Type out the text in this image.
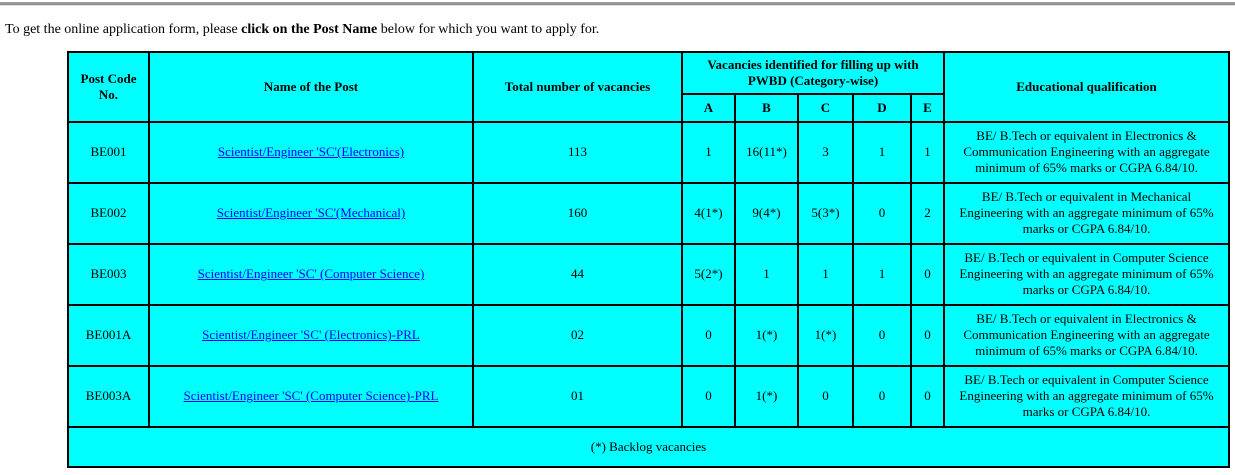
To get the online application form, please click on the Post Name below for which you want to apply for.

Post Code No.	Name of the Post	Total number of vacancies	Vacancies identified for filling up with PWBD (Category-wise)					Educational qualification
			A	B	C	D	E	
BE001	Scientist/Engineer 'SC'(Electronics)	113	1	16(11*)	3	1	1	BE/ B.Tech or equivalent in Electronics & Communication Engineering with an aggregate minimum of 65% marks or CGPA 6.84/10.
BE002	Scientist/Engineer 'SC'(Mechanical)	160	4(1*)	9(4*)	5(3*)	0	2	BE/ B.Tech or equivalent in Mechanical Engineering with an aggregate minimum of 65% marks or CGPA 6.84/10.
BE003	Scientist/Engineer 'SC' (Computer Science)	44	5(2*)	1	1	1	0	BE/ B.Tech or equivalent in Computer Science Engineering with an aggregate minimum of 65% marks or CGPA 6.84/10.
BE001A	Scientist/Engineer 'SC' (Electronics)-PRL	02	0	1(*)	1(*)	0	0	BE/ B.Tech or equivalent in Electronics & Communication Engineering with an aggregate minimum of 65% marks or CGPA 6.84/10.
BE003A	Scientist/Engineer 'SC' (Computer Science)-PRL	01	0	1(*)	0	0	0	BE/ B.Tech or equivalent in Computer Science Engineering with an aggregate minimum of 65% marks or CGPA 6.84/10.
(*) Backlog vacancies								
